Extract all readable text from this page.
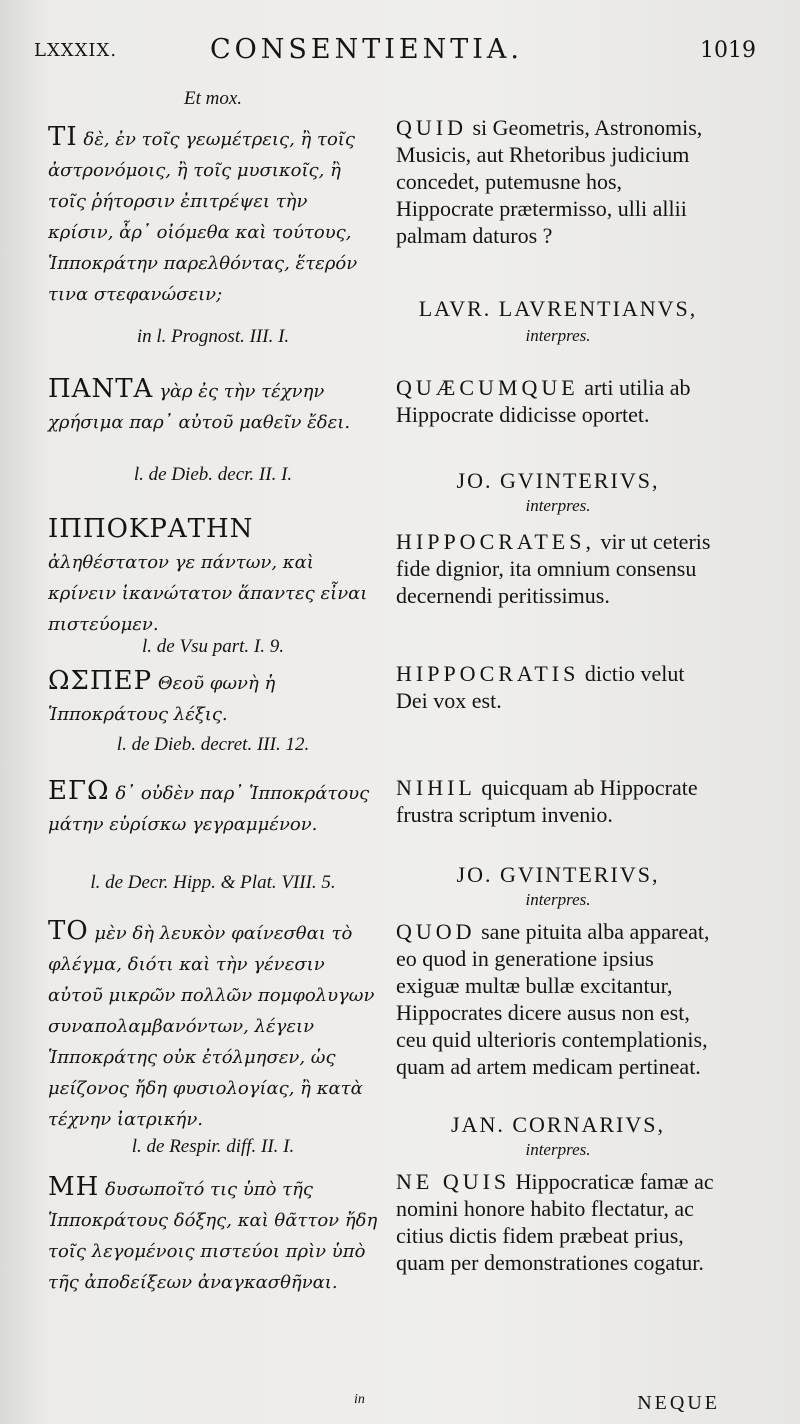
LXXXIX.	CONSENTIENTIA.	1019

Et mox.

ΤΙ δὲ, ἐν τοῖς γεωμέτρεις, ἢ τοῖς ἀστρονόμοις, ἢ τοῖς μυσικοῖς, ἢ τοῖς ῥήτορσιν ἐπιτρέψει τὴν κρίσιν, ἆρ᾽ οἰόμεθα καὶ τούτους, Ἱπποκράτην παρελθόντας, ἕτερόν τινα στεφανώσειν;

in l. Prognost. III. I.

ΠΑΝΤΑ γὰρ ἐς τὴν τέχνην χρήσιμα παρ᾽ αὐτοῦ μαθεῖν ἔδει.

l. de Dieb. decr. II. I.

ΙΠΠΟΚΡΑΤΗΝ ἀληθέστατον γε πάντων, καὶ κρίνειν ἱκανώτατον ἅπαντες εἶναι πιστεύομεν.

l. de Vsu part. I. 9.

ΩΣΠΕΡ Θεοῦ φωνὴ ἡ Ἱπποκράτους λέξις.

l. de Dieb. decret. III. 12.

ΕΓΩ δ᾽ οὐδὲν παρ᾽ Ἱπποκράτους μάτην εὑρίσκω γεγραμμένον.

l. de Decr. Hipp. & Plat. VIII. 5.

ΤΟ μὲν δὴ λευκὸν φαίνεσθαι τὸ φλέγμα, διότι καὶ τὴν γένεσιν αὐτοῦ μικρῶν πολλῶν πομφολυγων συναπολαμβανόντων, λέγειν Ἱπποκράτης οὐκ ἐτόλμησεν, ὡς μείζονος ἤδη φυσιολογίας, ἢ κατὰ τέχνην ἰατρικήν.

l. de Respir. diff. II. I.

ΜΗ δυσωποῖτό τις ὑπὸ τῆς Ἱπποκράτους δόξης, καὶ θᾶττον ἤδη τοῖς λεγομένοις πιστεύοι πρὶν ὑπὸ τῆς ἀποδείξεων ἀναγκασθῆναι.

QUID si Geometris, Astronomis, Musicis, aut Rhetoribus judicium concedet, putemusne hos, Hippocrate prætermisso, ulli allii palmam daturos ?

LAVR. LAVRENTIANVS,

interpres.

QUÆCUMQUE arti utilia ab Hippocrate didicisse oportet.

JO. GVINTERIVS,

interpres.

HIPPOCRATES, vir ut ceteris fide dignior, ita omnium consensu decernendi peritissimus.

HIPPOCRATIS dictio velut Dei vox est.

NIHIL quicquam ab Hippocrate frustra scriptum invenio.

JO. GVINTERIVS,

interpres.

QUOD sane pituita alba appareat, eo quod in generatione ipsius exiguæ multæ bullæ excitantur, Hippocrates dicere ausus non est, ceu quid ulterioris contemplationis, quam ad artem medicam pertineat.

JAN. CORNARIVS,

interpres.

NE QUIS Hippocraticæ famæ ac nomini honore habito flectatur, ac citius dictis fidem præbeat prius, quam per demonstrationes cogatur.

in	NEQUE
